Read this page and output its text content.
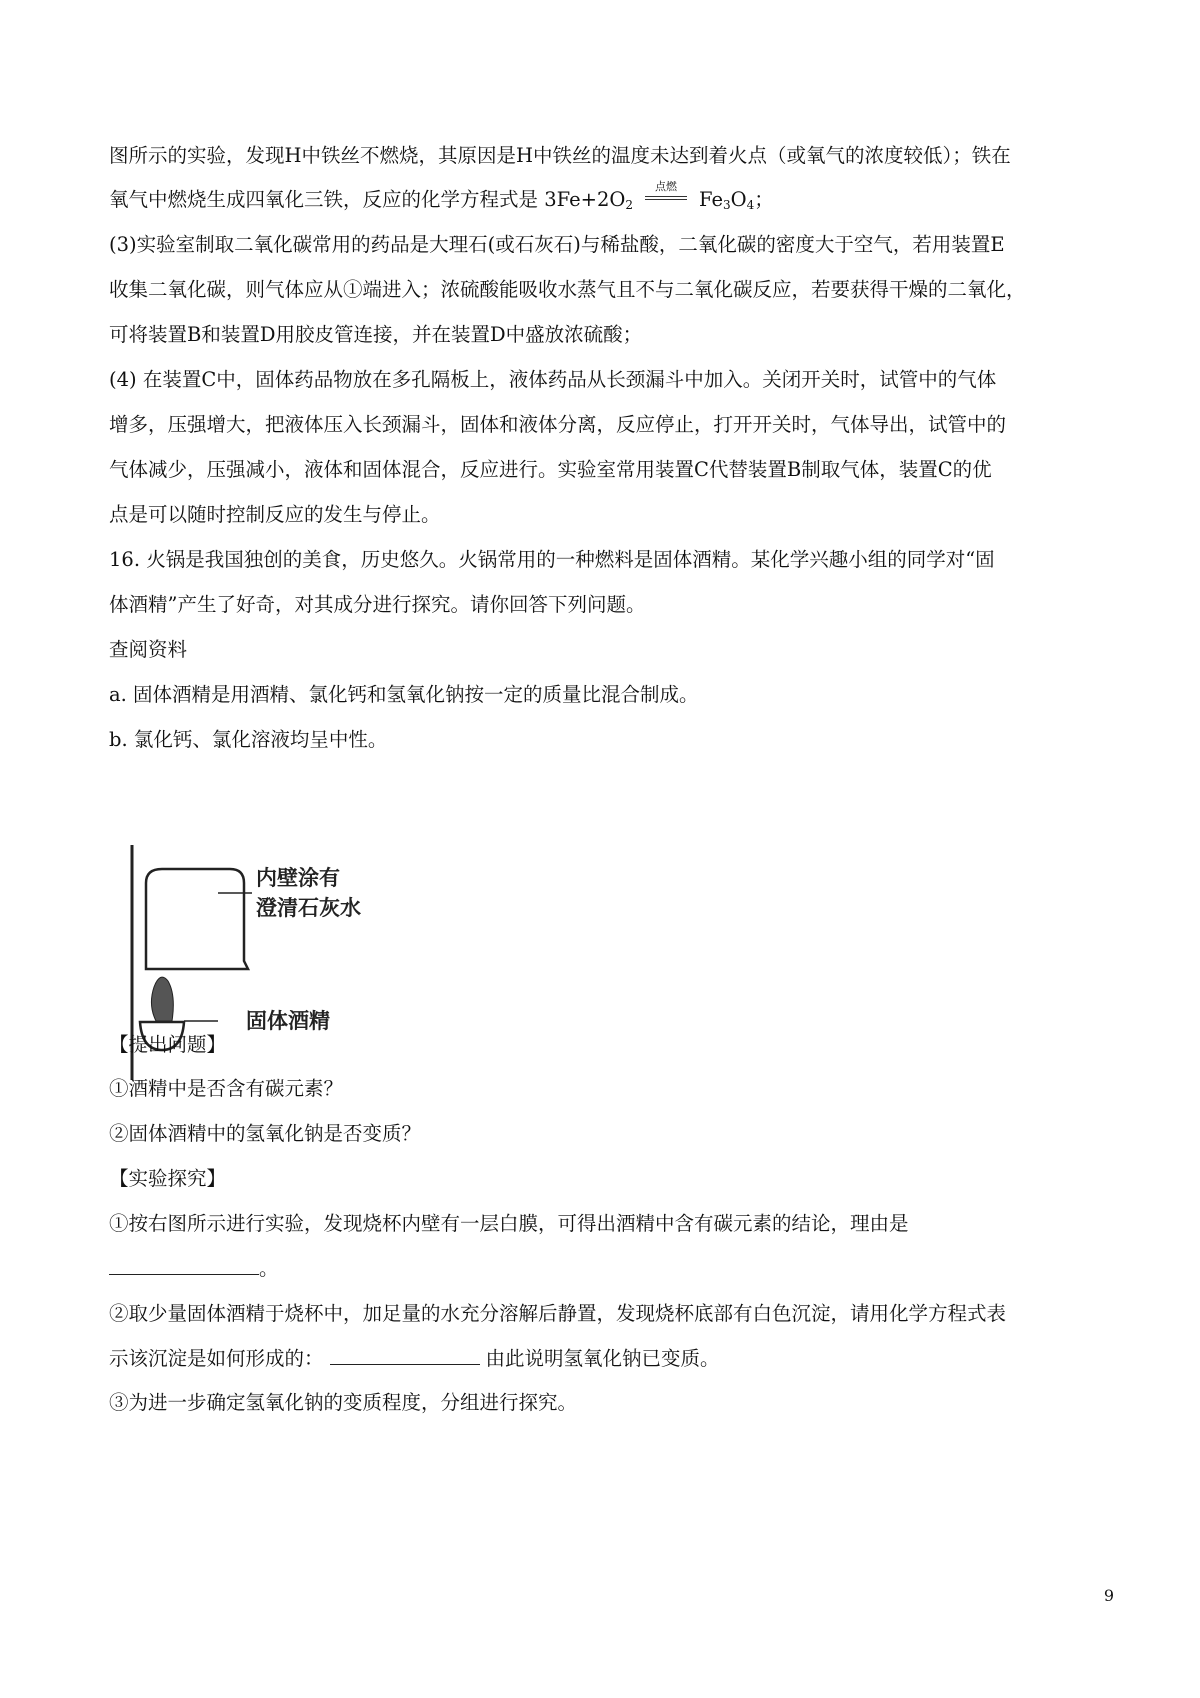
图所示的实验，发现H中铁丝不燃烧，其原因是H中铁丝的温度未达到着火点（或氧气的浓度较低）；铁在
氧气中燃烧生成四氧化三铁，反应的化学方程式是 $3Fe+2O_2$
点燃
$Fe_3O_4$；
(3)实验室制取二氧化碳常用的药品是大理石(或石灰石)与稀盐酸，二氧化碳的密度大于空气，若用装置E
收集二氧化碳，则气体应从①端进入；浓硫酸能吸收水蒸气且不与二氧化碳反应，若要获得干燥的二氧化，
可将装置B和装置D用胶皮管连接，并在装置D中盛放浓硫酸；
(4) 在装置C中，固体药品物放在多孔隔板上，液体药品从长颈漏斗中加入。关闭开关时，试管中的气体
增多，压强增大，把液体压入长颈漏斗，固体和液体分离，反应停止，打开开关时，气体导出，试管中的
气体减少，压强减小，液体和固体混合，反应进行。实验室常用装置C代替装置B制取气体，装置C的优
点是可以随时控制反应的发生与停止。
16. 火锅是我国独创的美食，历史悠久。火锅常用的一种燃料是固体酒精。某化学兴趣小组的同学对“固
体酒精”产生了好奇，对其成分进行探究。请你回答下列问题。
查阅资料
a. 固体酒精是用酒精、氯化钙和氢氧化钠按一定的质量比混合制成。
b. 氯化钙、氯化溶液均呈中性。
内壁涂有
澄清石灰水
固体酒精
【提出问题】
①酒精中是否含有碳元素？
②固体酒精中的氢氧化钠是否变质？
【实验探究】
①按右图所示进行实验，发现烧杯内壁有一层白膜，可得出酒精中含有碳元素的结论，理由是
。
②取少量固体酒精于烧杯中，加足量的水充分溶解后静置，发现烧杯底部有白色沉淀，请用化学方程式表
示该沉淀是如何形成的：	由此说明氢氧化钠已变质。
③为进一步确定氢氧化钠的变质程度，分组进行探究。
9
